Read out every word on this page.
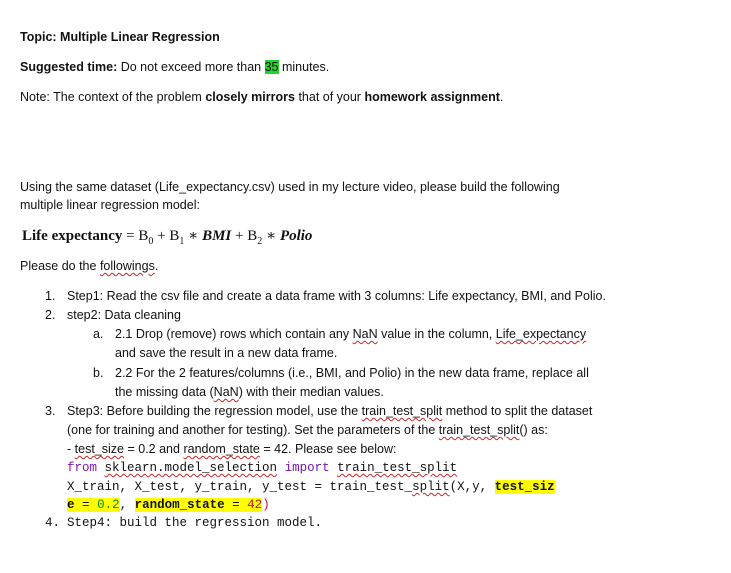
Topic: Multiple Linear Regression
Suggested time: Do not exceed more than 35 minutes.
Note: The context of the problem closely mirrors that of your homework assignment.
Using the same dataset (Life_expectancy.csv) used in my lecture video, please build the following
multiple linear regression model:
Life expectancy = $B_0 + B_1$ ∗ BMI + $B_2$ ∗ Polio
Please do the followings.
1. Step1: Read the csv file and create a data frame with 3 columns: Life expectancy, BMI, and Polio.
2. step2: Data cleaning
a. 2.1 Drop (remove) rows which contain any NaN value in the column, Life_expectancy
and save the result in a new data frame.
b. 2.2 For the 2 features/columns (i.e., BMI, and Polio) in the new data frame, replace all
the missing data (NaN) with their median values.
3. Step3: Before building the regression model, use the train_test_split method to split the dataset
(one for training and another for testing). Set the parameters of the train_test_split() as:
- test_size = 0.2 and random_state = 42. Please see below:
from sklearn.model_selection import train_test_split
X_train, X_test, y_train, y_test = train_test_split(X,y, test_siz
e = 0.2, random_state = 42)
4. Step4: build the regression model.
